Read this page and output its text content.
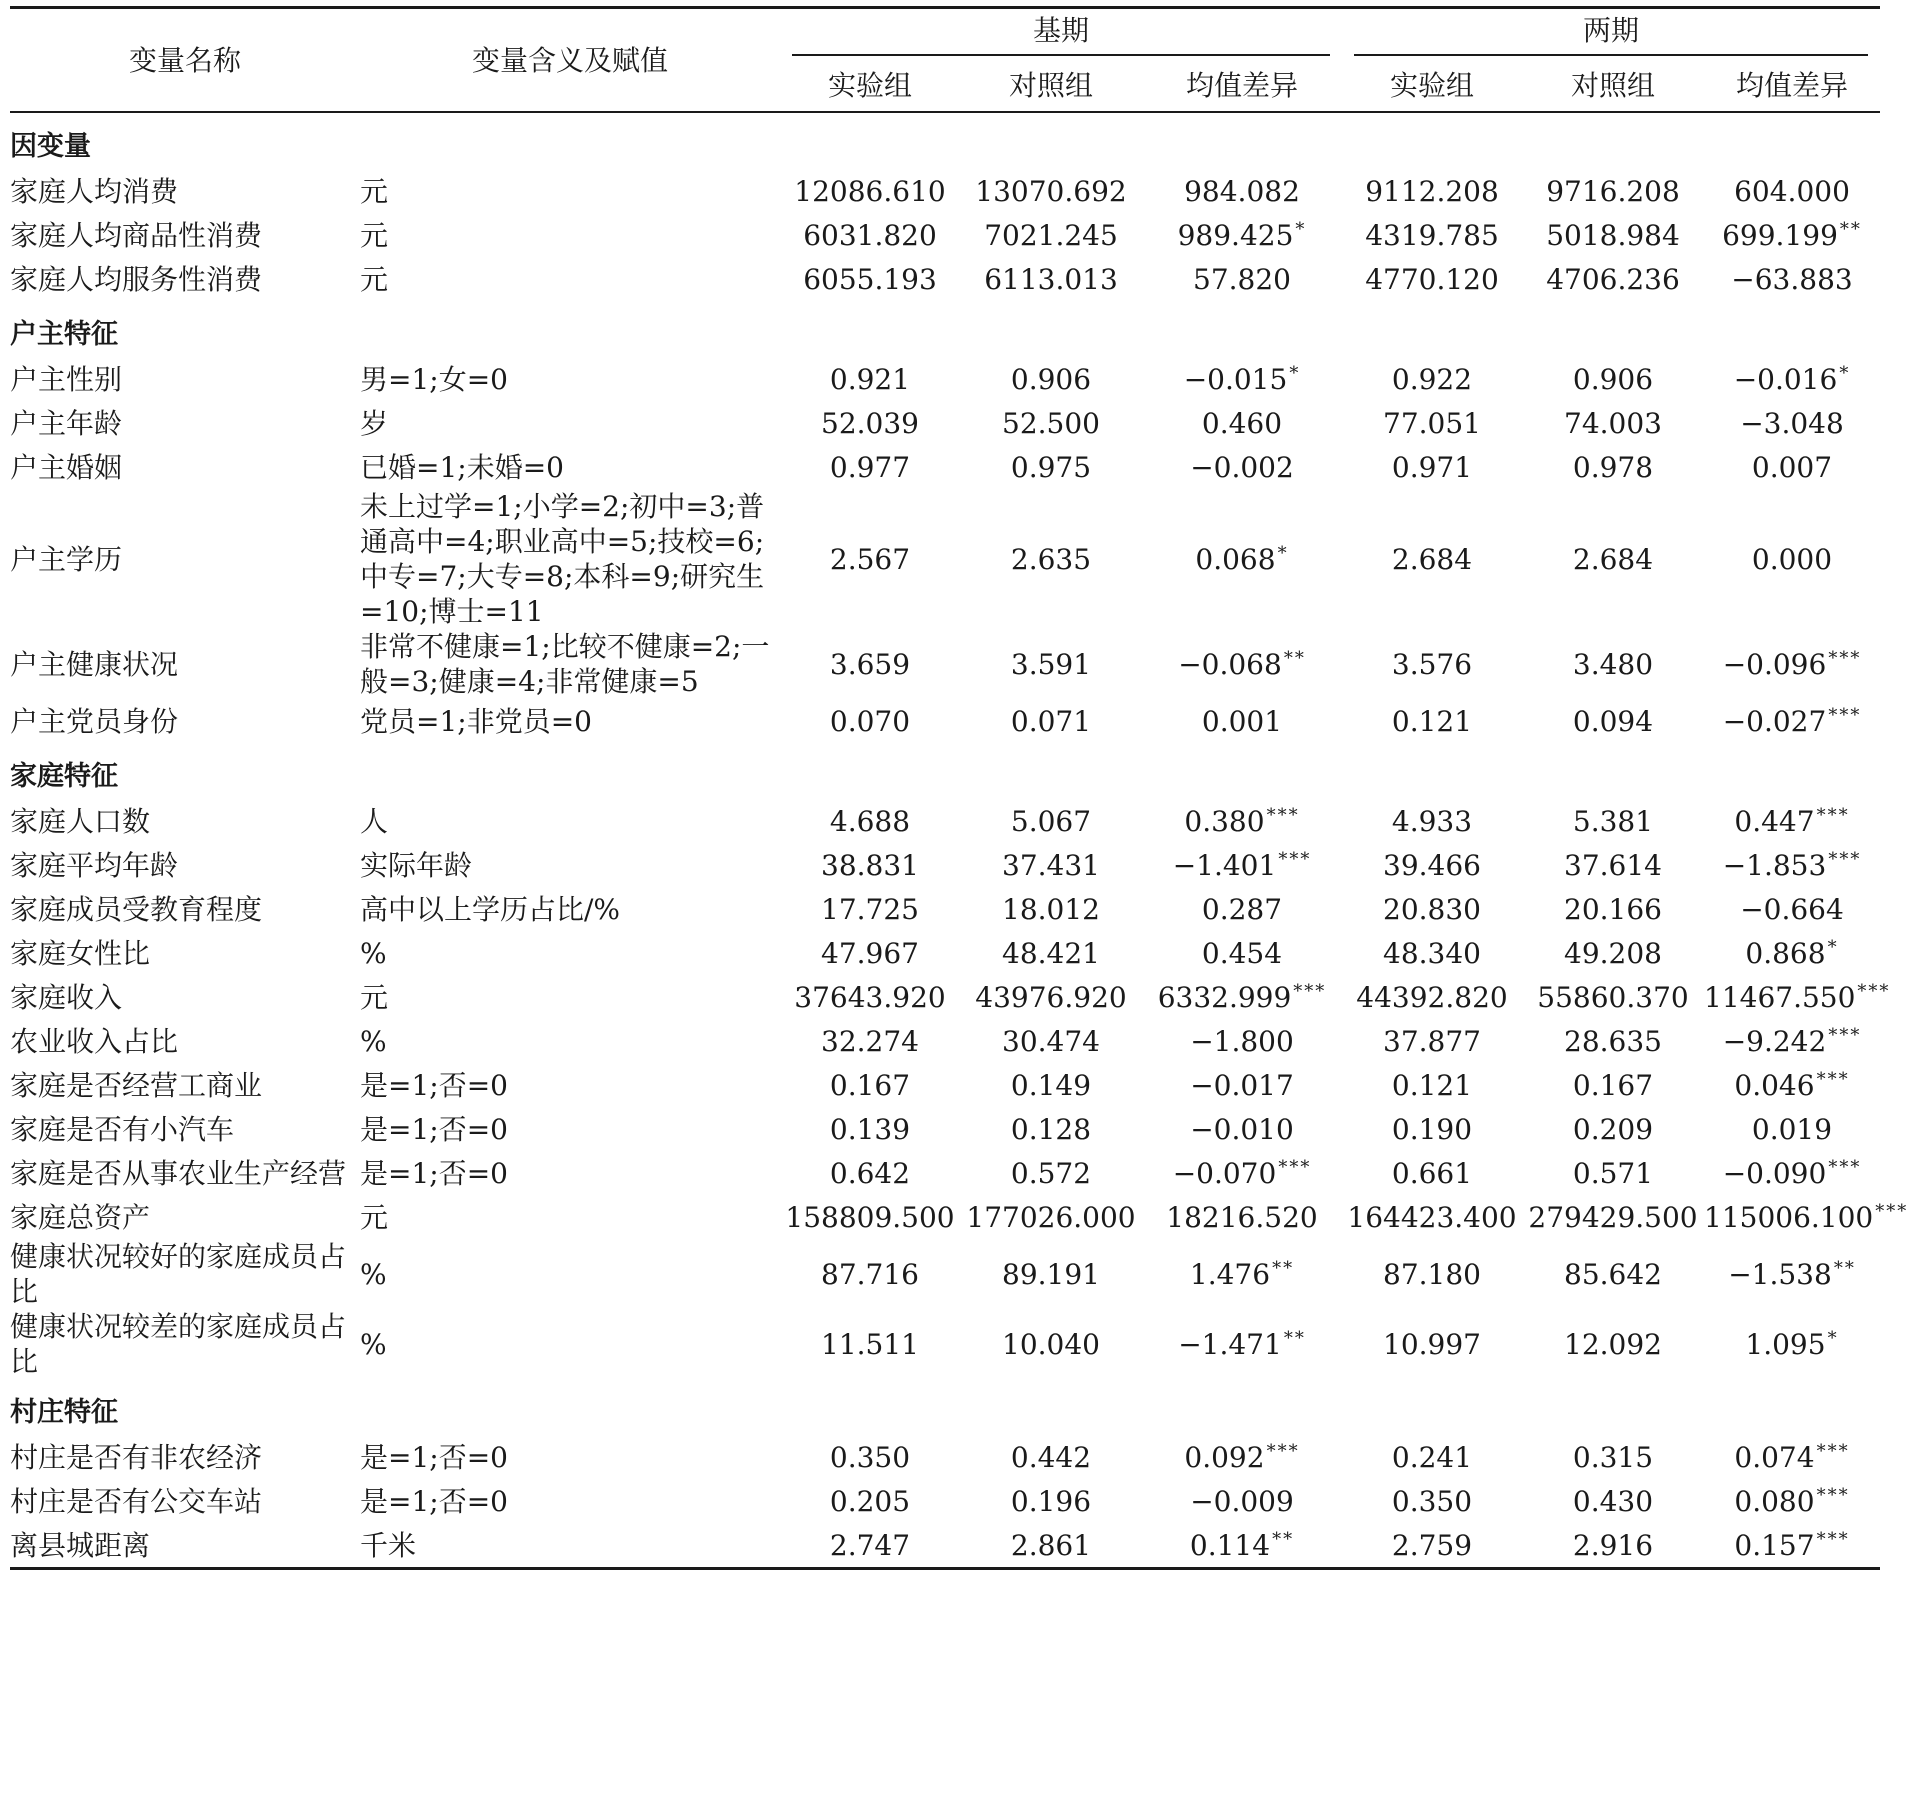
变量名称	变量含义及赋值	基期			两期		

		实验组	对照组	均值差异	实验组	对照组	均值差异
因变量							
家庭人均消费	元	12086.610	13070.692	984.082	9112.208	9716.208	604.000
家庭人均商品性消费	元	6031.820	7021.245	989.425 *	4319.785	5018.984	699.199 **
家庭人均服务性消费	元	6055.193	6113.013	57.820	4770.120	4706.236	−63.883
户主特征							
户主性别	男=1;女=0	0.921	0.906	−0.015 *	0.922	0.906	−0.016 *
户主年龄	岁	52.039	52.500	0.460	77.051	74.003	−3.048
户主婚姻	已婚=1;未婚=0	0.977	0.975	−0.002	0.971	0.978	0.007
户主学历	未上过学=1;小学=2;初中=3;普通高中=4;职业高中=5;技校=6;中专=7;大专=8;本科=9;研究生=10;博士=11	2.567	2.635	0.068 *	2.684	2.684	0.000
户主健康状况	非常不健康=1;比较不健康=2;一般=3;健康=4;非常健康=5	3.659	3.591	−0.068 **	3.576	3.480	−0.096 ***
户主党员身份	党员=1;非党员=0	0.070	0.071	0.001	0.121	0.094	−0.027 ***
家庭特征							
家庭人口数	人	4.688	5.067	0.380 ***	4.933	5.381	0.447 ***
家庭平均年龄	实际年龄	38.831	37.431	−1.401 ***	39.466	37.614	−1.853 ***
家庭成员受教育程度	高中以上学历占比/%	17.725	18.012	0.287	20.830	20.166	−0.664
家庭女性比	%	47.967	48.421	0.454	48.340	49.208	0.868 *
家庭收入	元	37643.920	43976.920	6332.999 ***	44392.820	55860.370	11467.550 ***
农业收入占比	%	32.274	30.474	−1.800	37.877	28.635	−9.242 ***
家庭是否经营工商业	是=1;否=0	0.167	0.149	−0.017	0.121	0.167	0.046 ***
家庭是否有小汽车	是=1;否=0	0.139	0.128	−0.010	0.190	0.209	0.019
家庭是否从事农业生产经营	是=1;否=0	0.642	0.572	−0.070 ***	0.661	0.571	−0.090 ***
家庭总资产	元	158809.500	177026.000	18216.520	164423.400	279429.500	115006.100 ***
健康状况较好的家庭成员占比	%	87.716	89.191	1.476 **	87.180	85.642	−1.538 **
健康状况较差的家庭成员占比	%	11.511	10.040	−1.471 **	10.997	12.092	1.095 *
村庄特征							
村庄是否有非农经济	是=1;否=0	0.350	0.442	0.092 ***	0.241	0.315	0.074 ***
村庄是否有公交车站	是=1;否=0	0.205	0.196	−0.009	0.350	0.430	0.080 ***
离县城距离	千米	2.747	2.861	0.114 **	2.759	2.916	0.157 ***
